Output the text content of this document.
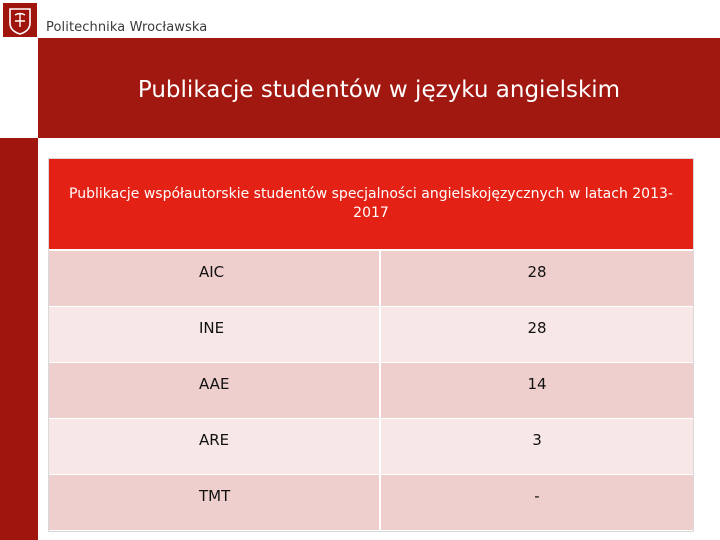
Politechnika Wrocławska
Publikacje studentów w języku angielskim
Publikacje współautorskie studentów specjalności angielskojęzycznych w latach 2013-2017
AIC	28
INE	28
AAE	14
ARE	3
TMT	-
